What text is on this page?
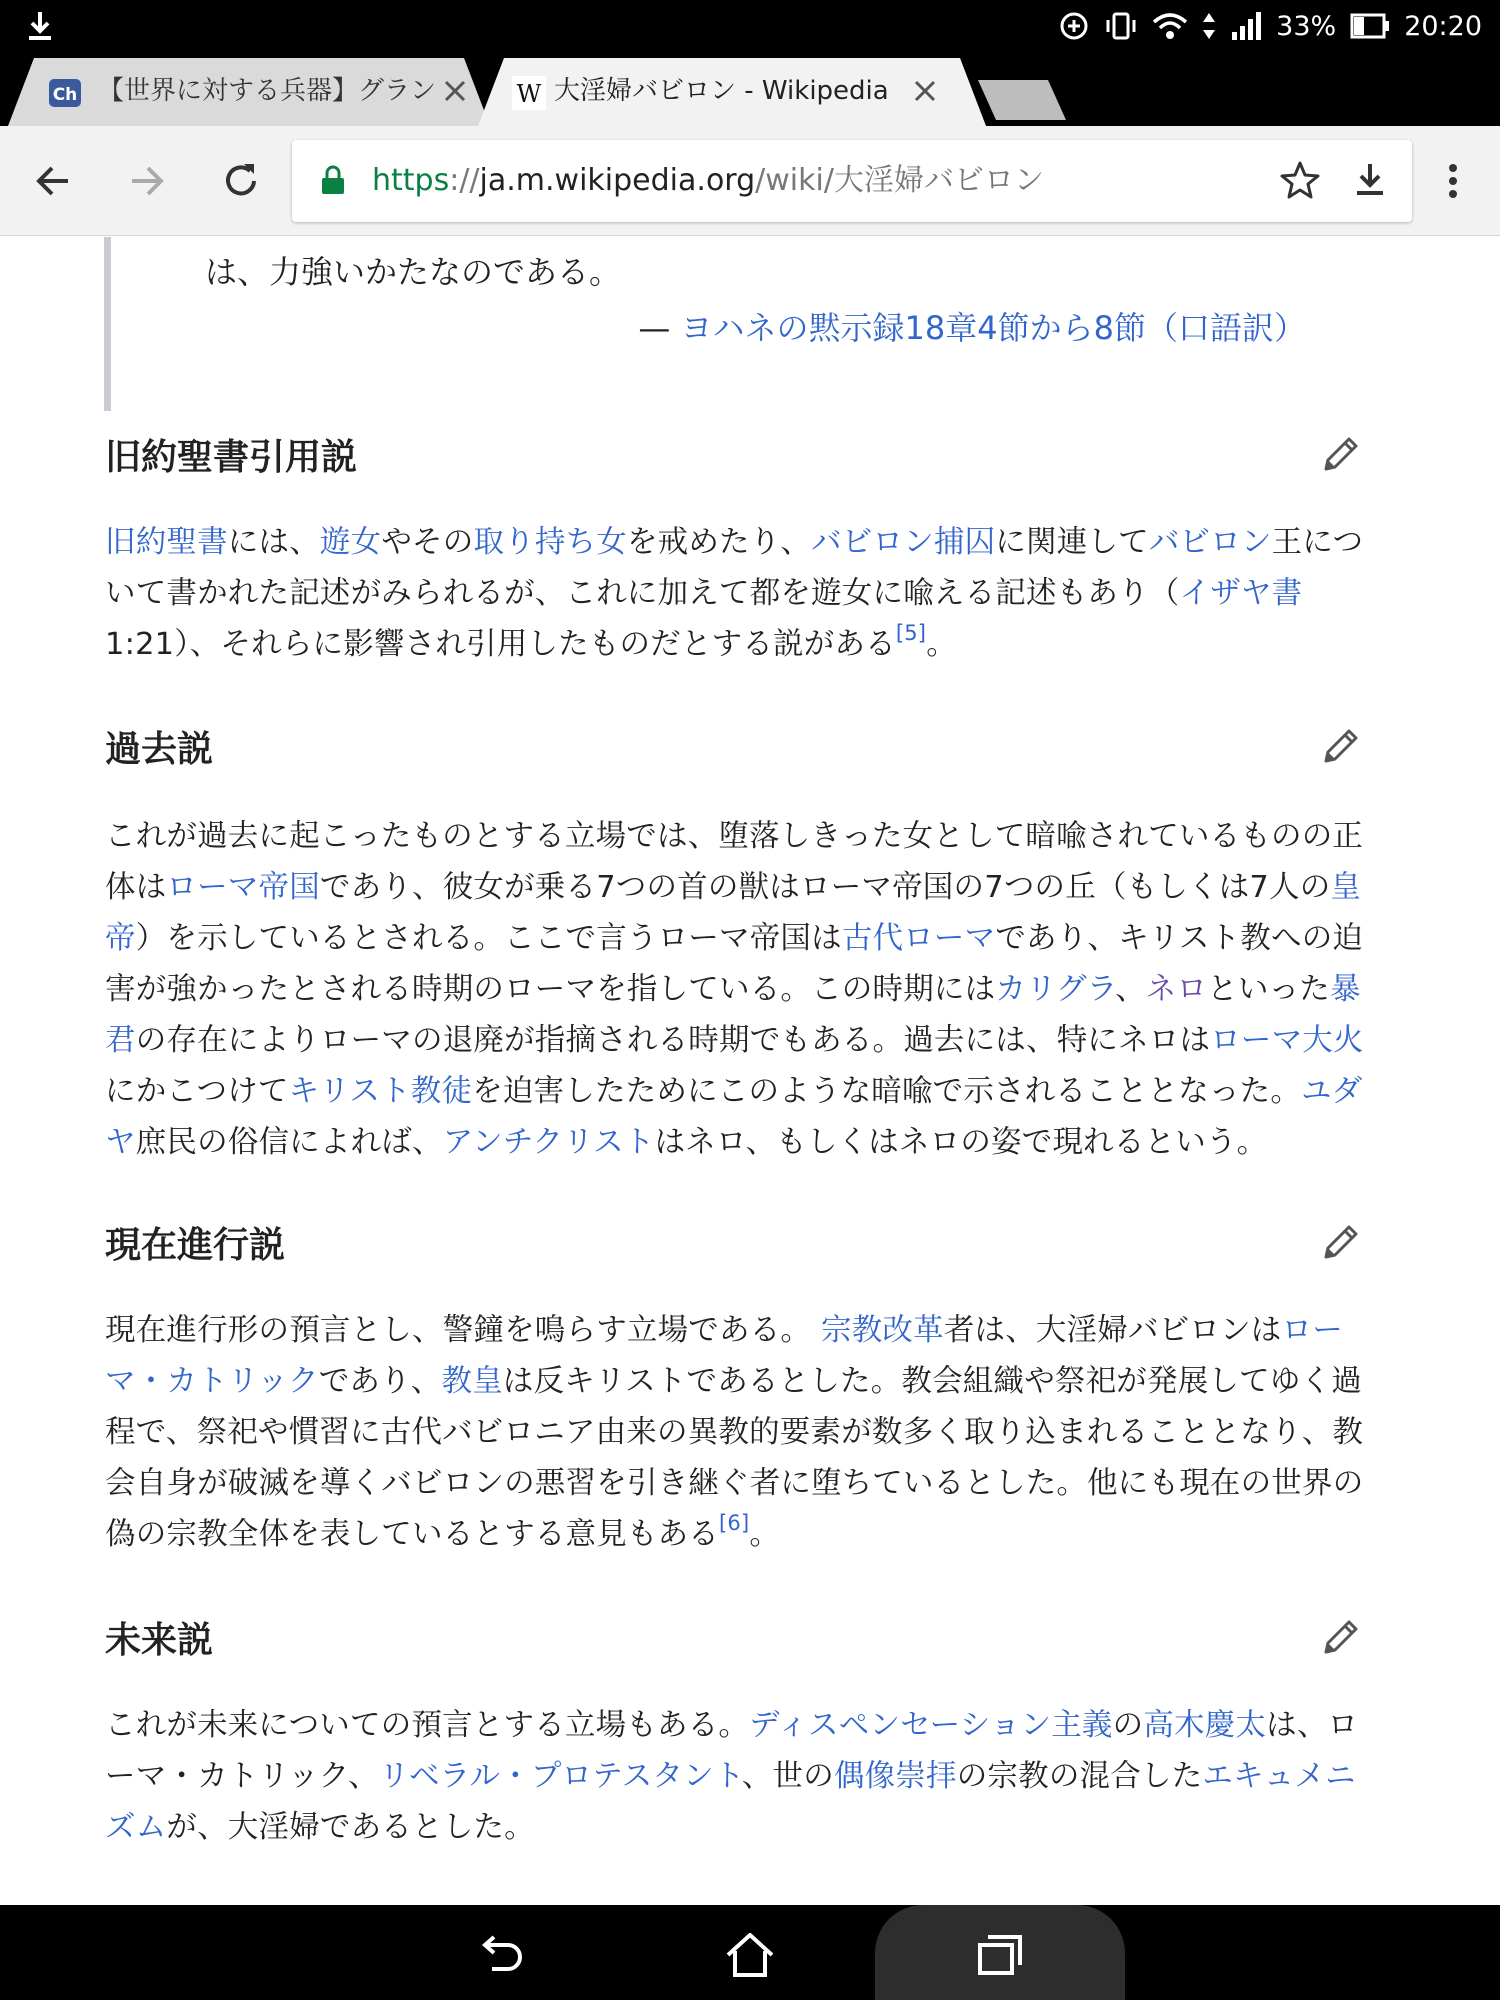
33%	20:20
Ch 【世界に対する兵器】グラン	W 大淫婦バビロン - Wikipedia
https://ja.m.wikipedia.org/wiki/大淫婦バビロン
は、力強いかたなのである。
— ヨハネの黙示録18章4節から8節（口語訳）
旧約聖書引用説
旧約聖書には、遊女やその取り持ち女を戒めたり、バビロン捕囚に関連してバビロン王につ
いて書かれた記述がみられるが、これに加えて都を遊女に喩える記述もあり（イザヤ書
1:21）、それらに影響され引用したものだとする説がある[5]。
過去説
これが過去に起こったものとする立場では、堕落しきった女として暗喩されているものの正
体はローマ帝国であり、彼女が乗る7つの首の獣はローマ帝国の7つの丘（もしくは7人の皇
帝）を示しているとされる。ここで言うローマ帝国は古代ローマであり、キリスト教への迫
害が強かったとされる時期のローマを指している。この時期にはカリグラ、ネロといった暴
君の存在によりローマの退廃が指摘される時期でもある。過去には、特にネロはローマ大火
にかこつけてキリスト教徒を迫害したためにこのような暗喩で示されることとなった。ユダ
ヤ庶民の俗信によれば、アンチクリストはネロ、もしくはネロの姿で現れるという。
現在進行説
現在進行形の預言とし、警鐘を鳴らす立場である。 宗教改革者は、大淫婦バビロンはロー
マ・カトリックであり、教皇は反キリストであるとした。教会組織や祭祀が発展してゆく過
程で、祭祀や慣習に古代バビロニア由来の異教的要素が数多く取り込まれることとなり、教
会自身が破滅を導くバビロンの悪習を引き継ぐ者に堕ちているとした。他にも現在の世界の
偽の宗教全体を表しているとする意見もある[6]。
未来説
これが未来についての預言とする立場もある。ディスペンセーション主義の高木慶太は、ロ
ーマ・カトリック、リベラル・プロテスタント、世の偶像崇拝の宗教の混合したエキュメニ
ズムが、大淫婦であるとした。
